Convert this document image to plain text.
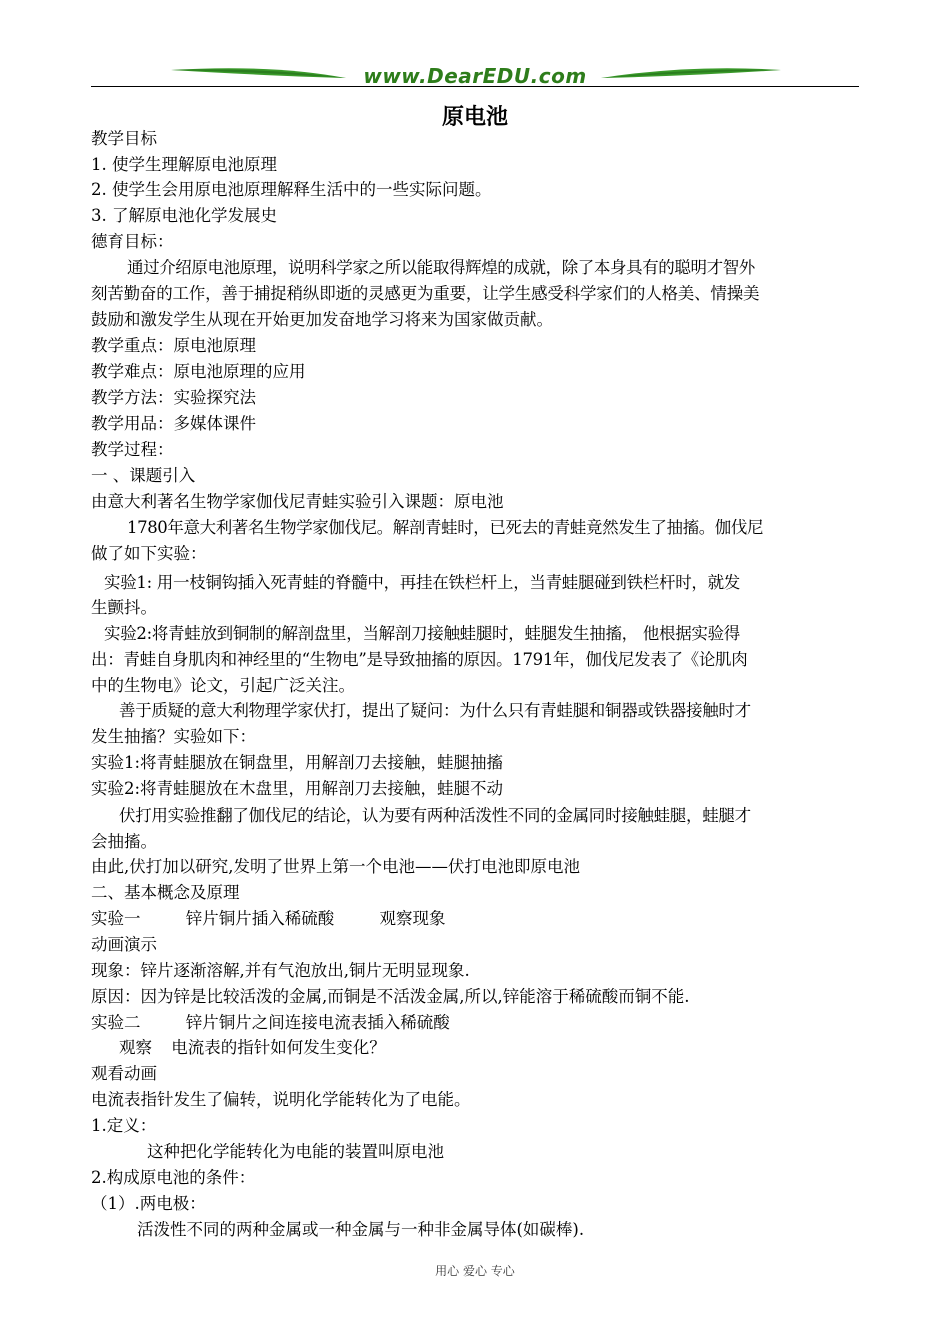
www.DearEDU.com
原电池
教学目标
1. 使学生理解原电池原理
2. 使学生会用原电池原理解释生活中的一些实际问题。
3. 了解原电池化学发展史
德育目标：
通过介绍原电池原理，说明科学家之所以能取得辉煌的成就，除了本身具有的聪明才智外
刻苦勤奋的工作，善于捕捉稍纵即逝的灵感更为重要，让学生感受科学家们的人格美、情操美
鼓励和激发学生从现在开始更加发奋地学习将来为国家做贡献。
教学重点：原电池原理
教学难点：原电池原理的应用
教学方法：实验探究法
教学用品：多媒体课件
教学过程：
一 、课题引入
由意大利著名生物学家伽伐尼青蛙实验引入课题：原电池
1780年意大利著名生物学家伽伐尼。解剖青蛙时，已死去的青蛙竟然发生了抽搐。伽伐尼
做了如下实验：
实验1: 用一枝铜钩插入死青蛙的脊髓中，再挂在铁栏杆上，当青蛙腿碰到铁栏杆时，就发
生颤抖。
实验2:将青蛙放到铜制的解剖盘里，当解剖刀接触蛙腿时，蛙腿发生抽搐， 他根据实验得
出：青蛙自身肌肉和神经里的“生物电”是导致抽搐的原因。1791年，伽伐尼发表了《论肌肉
中的生物电》论文，引起广泛关注。
善于质疑的意大利物理学家伏打，提出了疑问：为什么只有青蛙腿和铜器或铁器接触时才
发生抽搐？实验如下：
实验1:将青蛙腿放在铜盘里，用解剖刀去接触，蛙腿抽搐
实验2:将青蛙腿放在木盘里，用解剖刀去接触，蛙腿不动
伏打用实验推翻了伽伐尼的结论，认为要有两种活泼性不同的金属同时接触蛙腿，蛙腿才
会抽搐。
由此,伏打加以研究,发明了世界上第一个电池——伏打电池即原电池
二、基本概念及原理
实验一 锌片铜片插入稀硫酸 观察现象
动画演示
现象：锌片逐渐溶解,并有气泡放出,铜片无明显现象.
原因：因为锌是比较活泼的金属,而铜是不活泼金属,所以,锌能溶于稀硫酸而铜不能.
实验二 锌片铜片之间连接电流表插入稀硫酸
观察 电流表的指针如何发生变化？
观看动画
电流表指针发生了偏转，说明化学能转化为了电能。
1.定义：
这种把化学能转化为电能的装置叫原电池
2.构成原电池的条件：
（1）.两电极：
活泼性不同的两种金属或一种金属与一种非金属导体(如碳棒).
用心 爱心 专心
